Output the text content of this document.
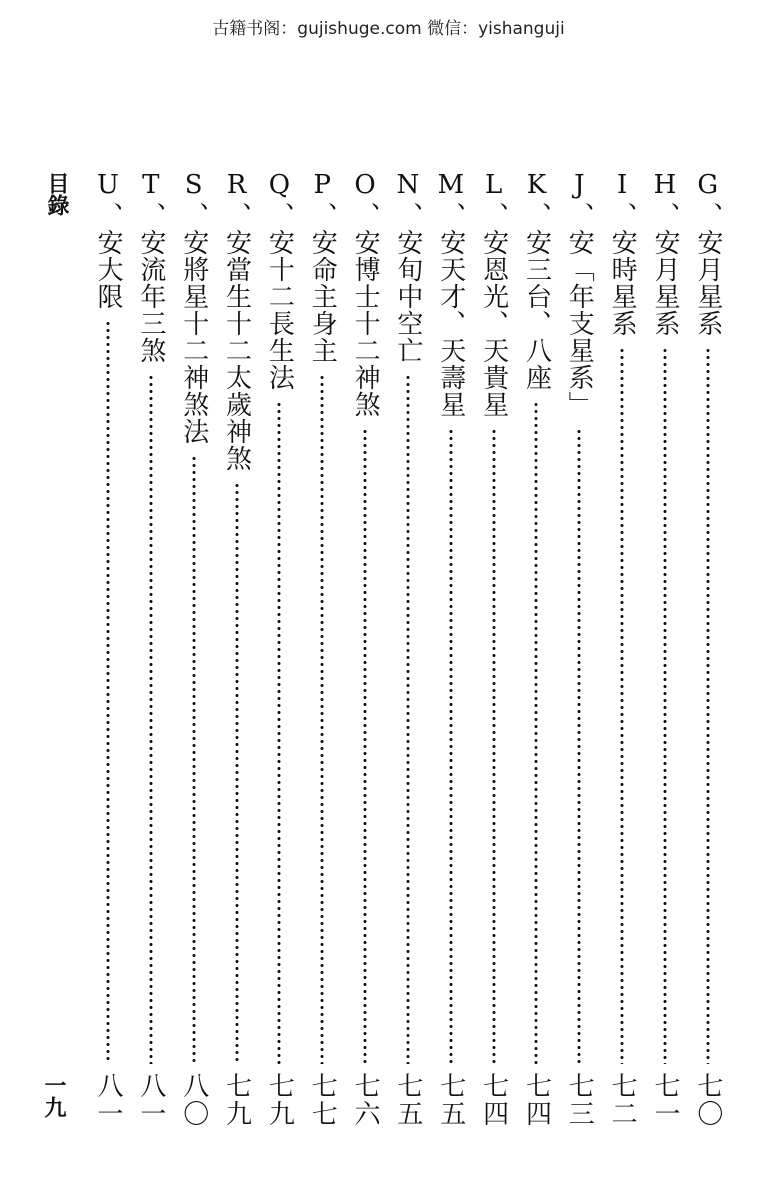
古籍书阁：gujishuge.com 微信：yishanguji
目錄	G
、安月星系
七〇
H
、安月星系
七一
I
、安時星系
七二
J
、安「年支星系」
七三
K
、安三台、八座
七四
L
、安恩光、天貴星
七四
M
、安天才、天壽星
七五
N
、安旬中空亡
七五
O
、安博士十二神煞
七六
P
、安命主身主
七七
Q
、安十二長生法
七九
R
、安當生十二太歲神煞
七九
S
、安將星十二神煞法
八〇
T
、安流年三煞
八一
U
、安大限
八一
一九
